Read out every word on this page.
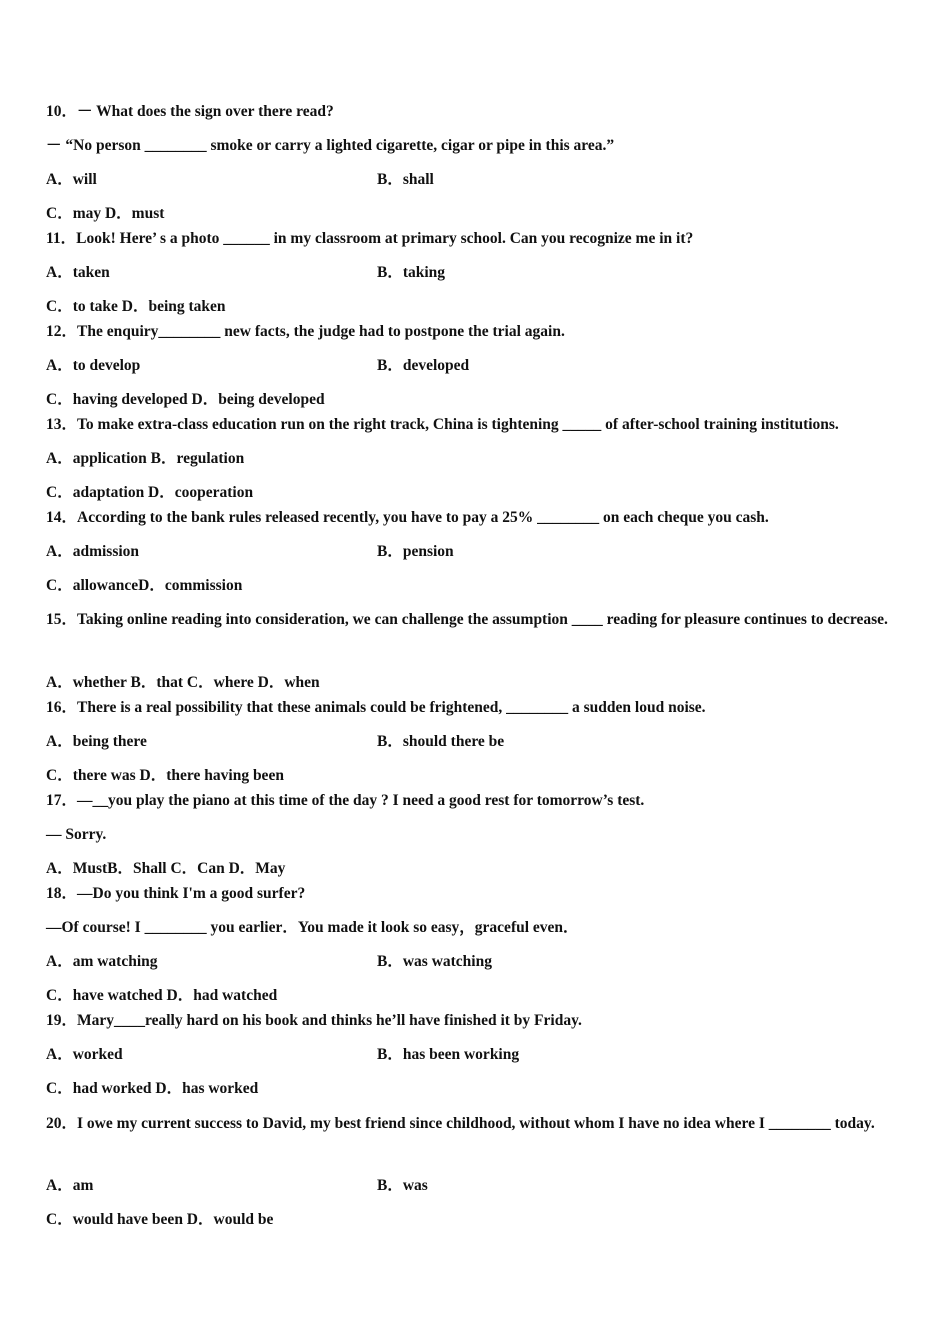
10．－ What does the sign over there read?
－ “No person ________ smoke or carry a lighted cigarette, cigar or pipe in this area.”
A．will	B．shall
C．may D．must
11．Look! Here’ s a photo ______ in my classroom at primary school. Can you recognize me in it?
A．taken	B．taking
C．to take D．being taken
12．The enquiry________ new facts, the judge had to postpone the trial again.
A．to develop	B．developed
C．having developed D．being developed
13．To make extra-class education run on the right track, China is tightening _____ of after-school training institutions.
A．application B．regulation
C．adaptation D．cooperation
14．According to the bank rules released recently, you have to pay a 25% ________ on each cheque you cash.
A．admission	B．pension
C．allowanceD．commission
15．Taking online reading into consideration, we can challenge the assumption ____ reading for pleasure continues to decrease.
A．whether B．that C．where D．when
16．There is a real possibility that these animals could be frightened, ________ a sudden loud noise.
A．being there	B．should there be
C．there was D．there having been
17．—__you play the piano at this time of the day ? I need a good rest for tomorrow’s test.
— Sorry.
A．MustB．Shall C．Can D．May
18．—Do you think I'm a good surfer?
—Of course! I ________ you earlier．You made it look so easy，graceful even．
A．am watching	B．was watching
C．have watched D．had watched
19．Mary____really hard on his book and thinks he’ll have finished it by Friday.
A．worked	B．has been working
C．had worked D．has worked
20．I owe my current success to David, my best friend since childhood, without whom I have no idea where I ________ today.
A．am	B．was
C．would have been D．would be
